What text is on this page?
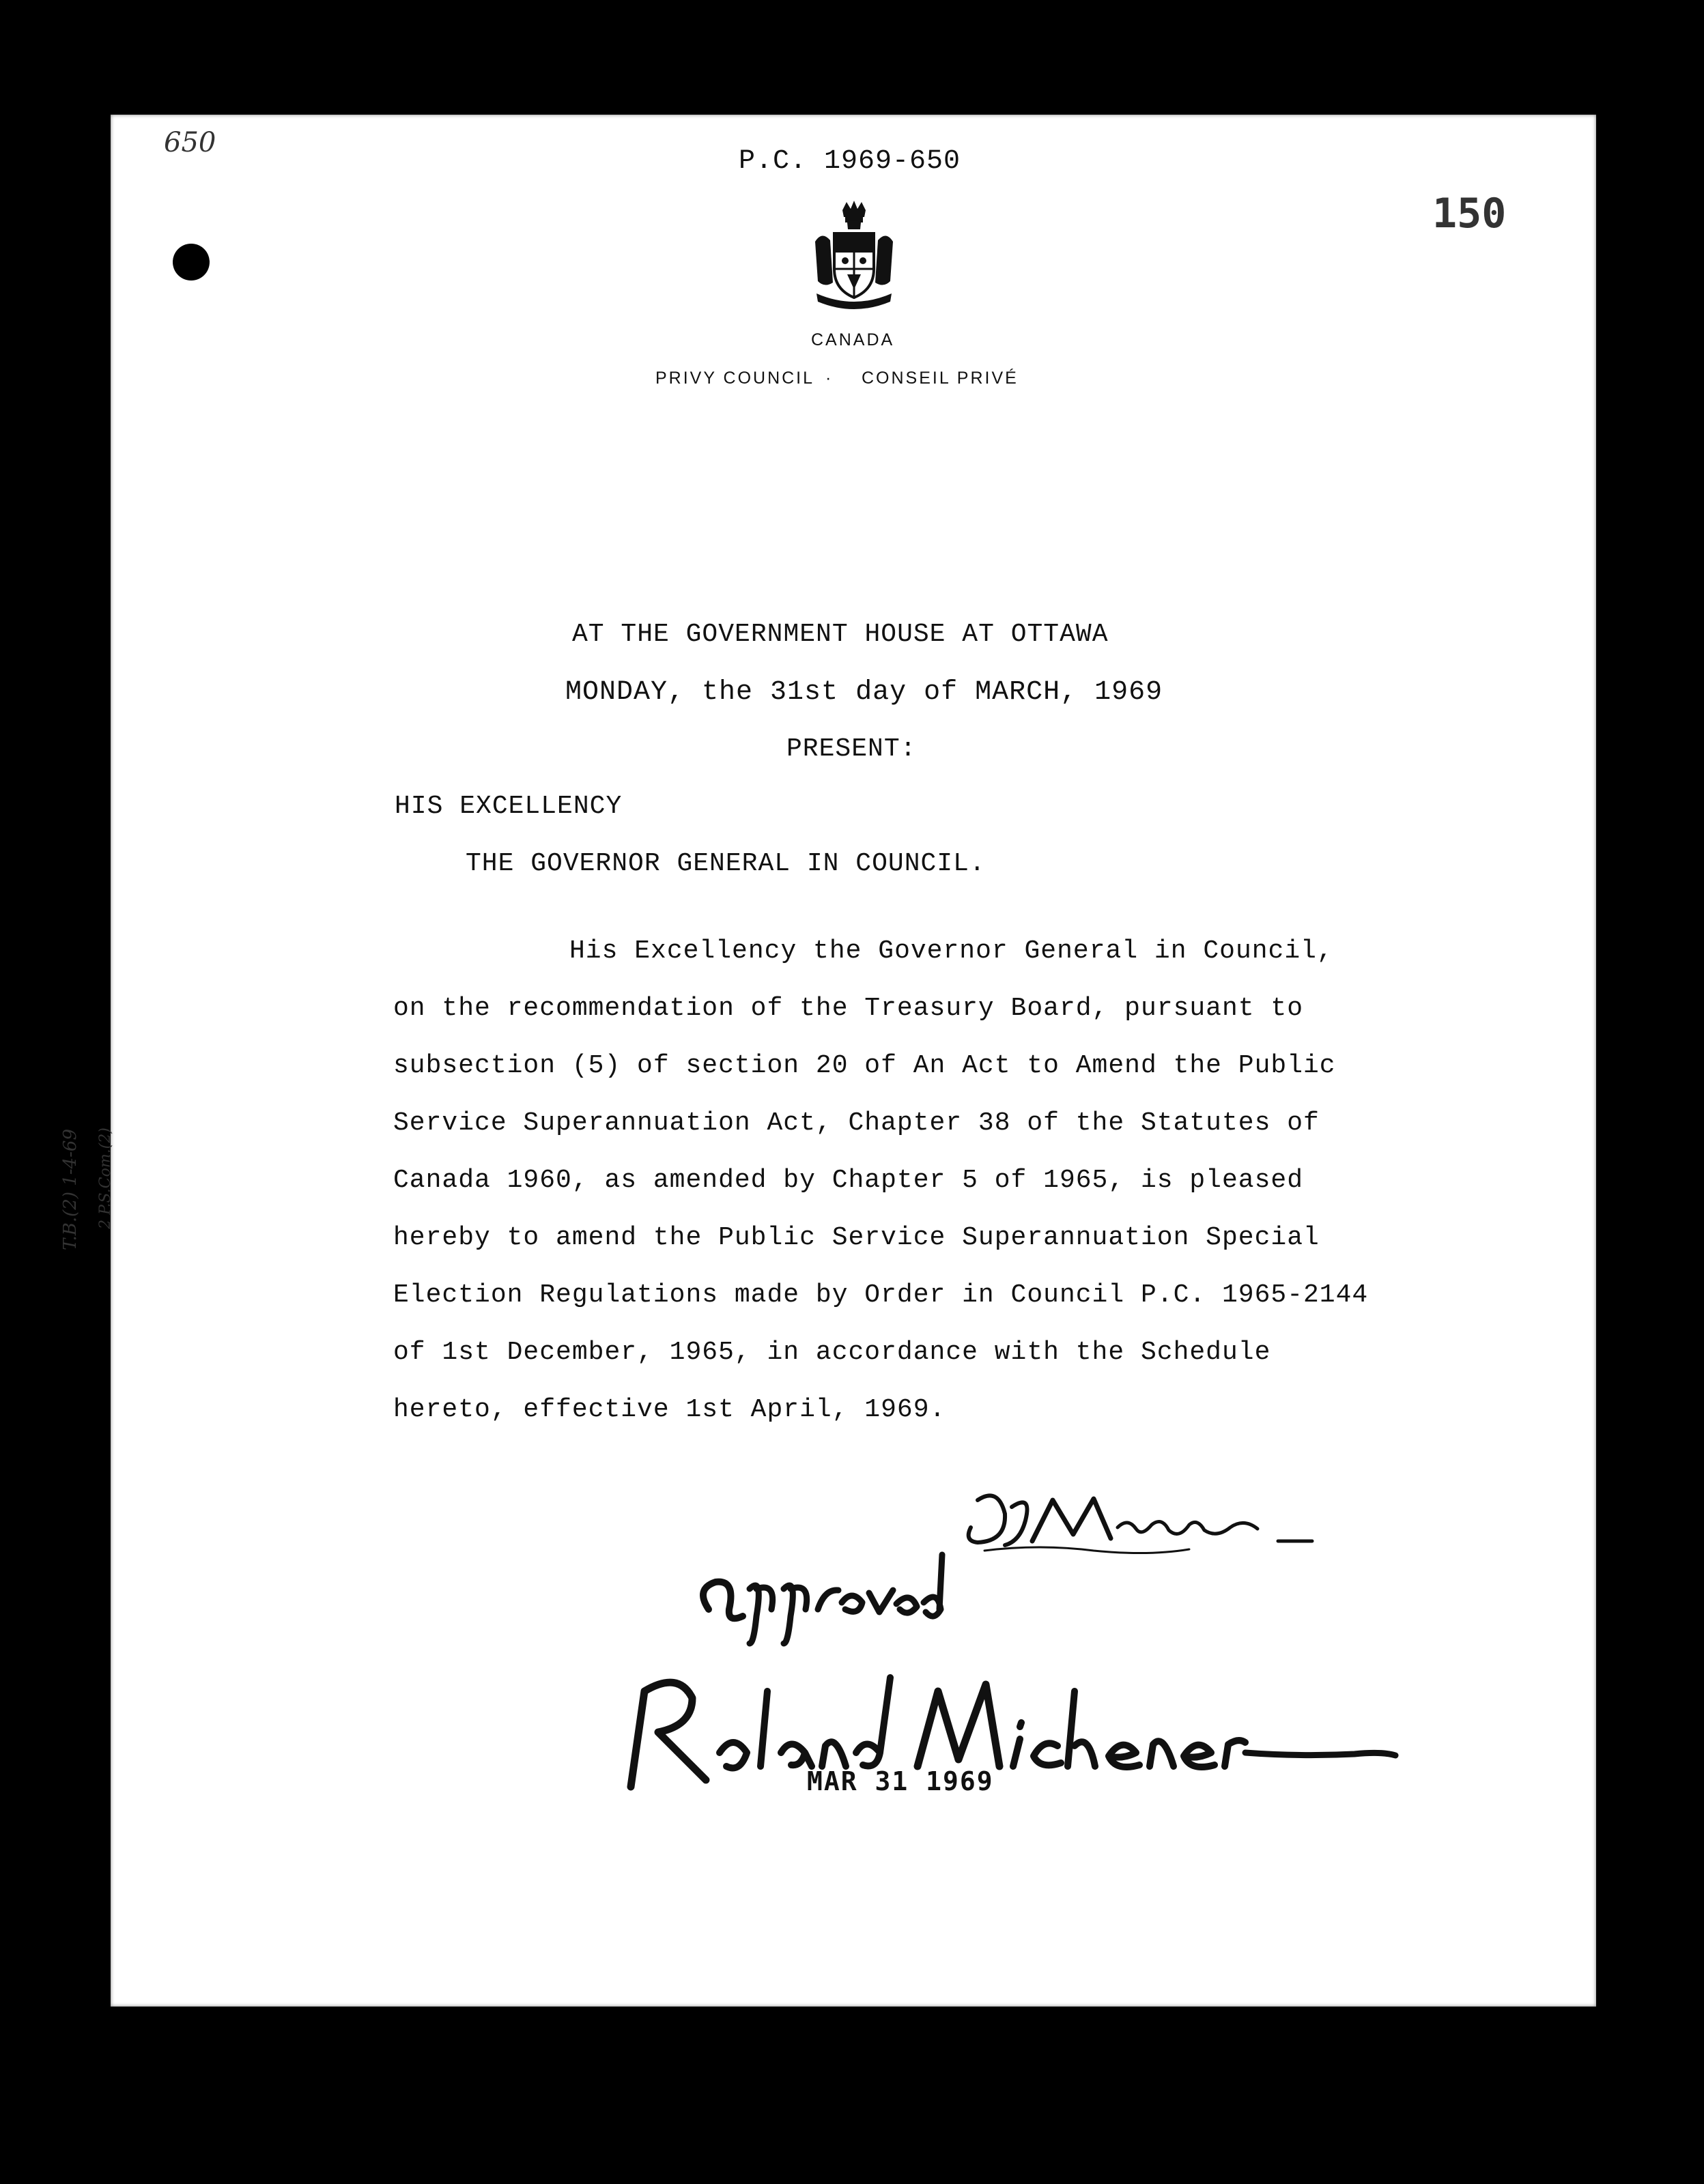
650
P.C. 1969-650
150
CANADA
PRIVY COUNCIL · CONSEIL PRIVÉ
AT THE GOVERNMENT HOUSE AT OTTAWA
MONDAY, the 31st day of MARCH, 1969
PRESENT:
HIS EXCELLENCY
THE GOVERNOR GENERAL IN COUNCIL.
T.B.(2) 1-4-69 2 P.S.Com.(2)
His Excellency the Governor General in Council,
on the recommendation of the Treasury Board, pursuant to
subsection (5) of section 20 of An Act to Amend the Public
Service Superannuation Act, Chapter 38 of the Statutes of
Canada 1960, as amended by Chapter 5 of 1965, is pleased
hereby to amend the Public Service Superannuation Special
Election Regulations made by Order in Council P.C. 1965-2144
of 1st December, 1965, in accordance with the Schedule
hereto, effective 1st April, 1969.
MAR 31 1969
